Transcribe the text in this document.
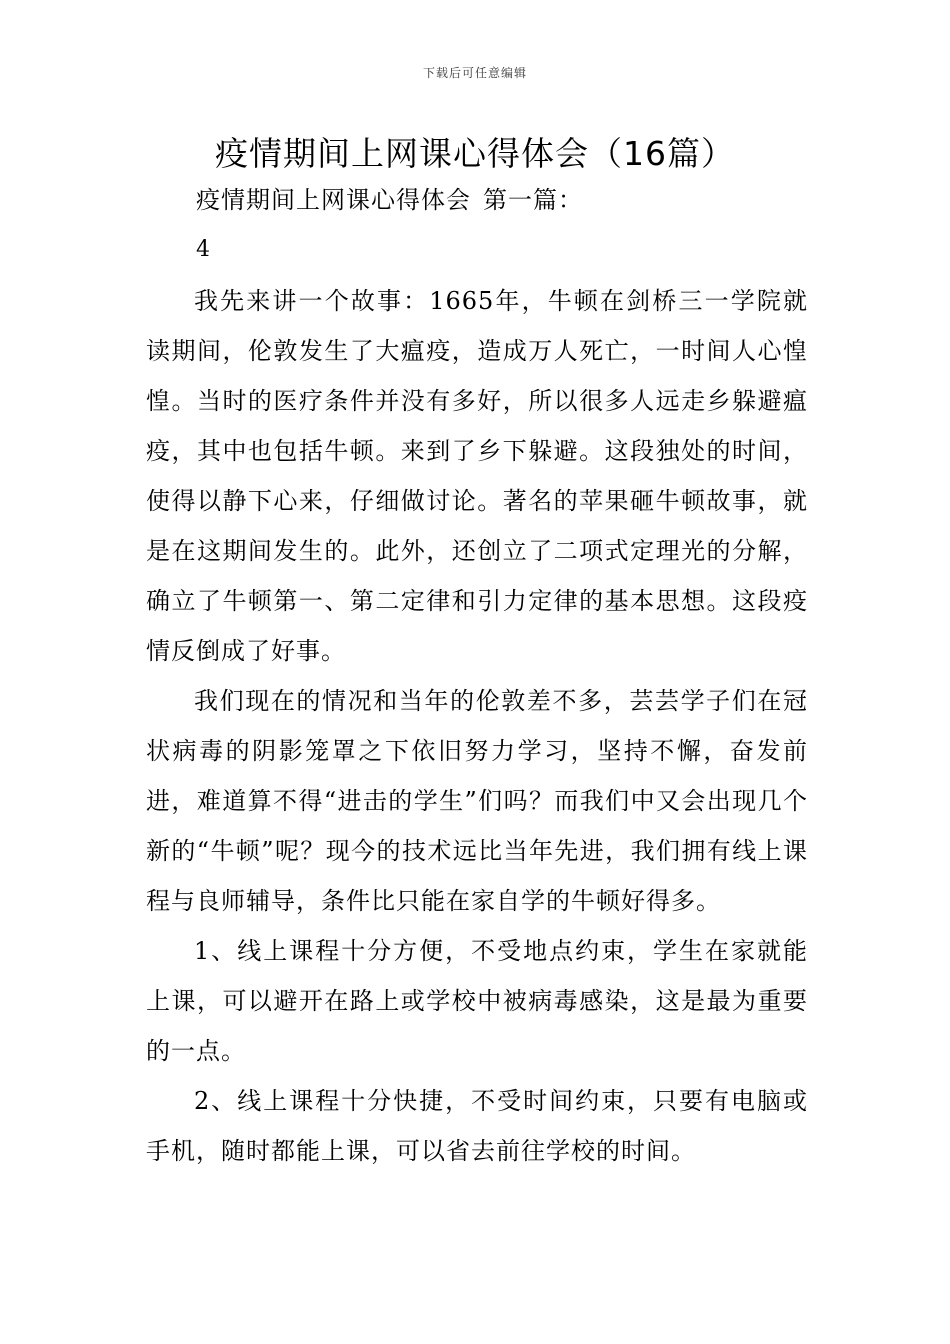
下载后可任意编辑
疫情期间上网课心得体会（16篇）
疫情期间上网课心得体会 第一篇：
4

我先来讲一个故事：1665年，牛顿在剑桥三一学院就读期间，伦敦发生了大瘟疫，造成万人死亡，一时间人心惶惶。当时的医疗条件并没有多好，所以很多人远走乡躲避瘟疫，其中也包括牛顿。来到了乡下躲避。这段独处的时间，使得以静下心来，仔细做讨论。著名的苹果砸牛顿故事，就是在这期间发生的。此外，还创立了二项式定理光的分解，确立了牛顿第一、第二定律和引力定律的基本思想。这段疫情反倒成了好事。

我们现在的情况和当年的伦敦差不多，芸芸学子们在冠状病毒的阴影笼罩之下依旧努力学习，坚持不懈，奋发前进，难道算不得“进击的学生”们吗？而我们中又会出现几个新的“牛顿”呢？现今的技术远比当年先进，我们拥有线上课程与良师辅导，条件比只能在家自学的牛顿好得多。

1、线上课程十分方便，不受地点约束，学生在家就能上课，可以避开在路上或学校中被病毒感染，这是最为重要的一点。

2、线上课程十分快捷，不受时间约束，只要有电脑或手机，随时都能上课，可以省去前往学校的时间。
